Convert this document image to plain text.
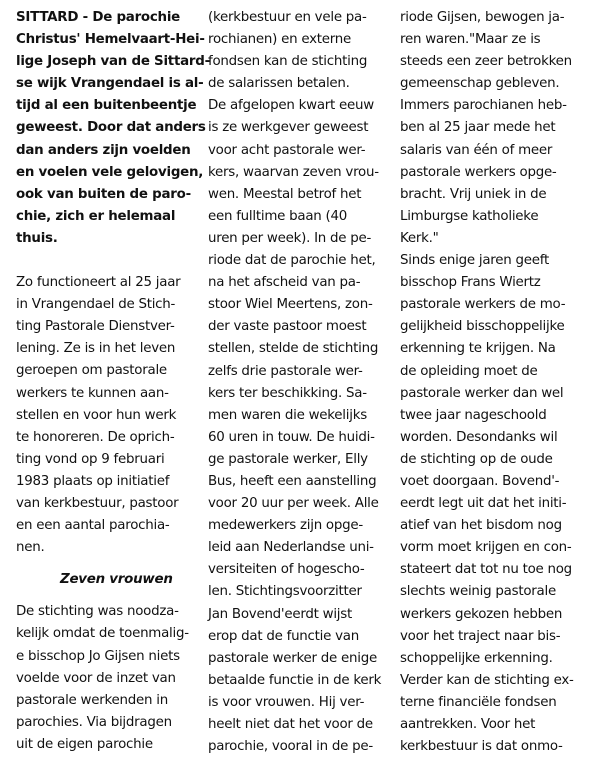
SITTARD - De parochie
Christus' Hemelvaart-Hei-
lige Joseph van de Sittard-
se wijk Vrangendael is al-
tijd al een buitenbeentje
geweest. Door dat anders
dan anders zijn voelden
en voelen vele gelovigen,
ook van buiten de paro-
chie, zich er helemaal
thuis.
Zo functioneert al 25 jaar
in Vrangendael de Stich-
ting Pastorale Dienstver-
lening. Ze is in het leven
geroepen om pastorale
werkers te kunnen aan-
stellen en voor hun werk
te honoreren. De oprich-
ting vond op 9 februari
1983 plaats op initiatief
van kerkbestuur, pastoor
en een aantal parochia-
nen.
Zeven vrouwen
De stichting was noodza-
kelijk omdat de toenmalig-
e bisschop Jo Gijsen niets
voelde voor de inzet van
pastorale werkenden in
parochies. Via bijdragen
uit de eigen parochie
(kerkbestuur en vele pa-
rochianen) en externe
fondsen kan de stichting
de salarissen betalen.
De afgelopen kwart eeuw
is ze werkgever geweest
voor acht pastorale wer-
kers, waarvan zeven vrou-
wen. Meestal betrof het
een fulltime baan (40
uren per week). In de pe-
riode dat de parochie het,
na het afscheid van pa-
stoor Wiel Meertens, zon-
der vaste pastoor moest
stellen, stelde de stichting
zelfs drie pastorale wer-
kers ter beschikking. Sa-
men waren die wekelijks
60 uren in touw. De huidi-
ge pastorale werker, Elly
Bus, heeft een aanstelling
voor 20 uur per week. Alle
medewerkers zijn opge-
leid aan Nederlandse uni-
versiteiten of hogescho-
len. Stichtingsvoorzitter
Jan Bovend'eerdt wijst
erop dat de functie van
pastorale werker de enige
betaalde functie in de kerk
is voor vrouwen. Hij ver-
heelt niet dat het voor de
parochie, vooral in de pe-
riode Gijsen, bewogen ja-
ren waren."Maar ze is
steeds een zeer betrokken
gemeenschap gebleven.
Immers parochianen heb-
ben al 25 jaar mede het
salaris van één of meer
pastorale werkers opge-
bracht. Vrij uniek in de
Limburgse katholieke
Kerk."
Sinds enige jaren geeft
bisschop Frans Wiertz
pastorale werkers de mo-
gelijkheid bisschoppelijke
erkenning te krijgen. Na
de opleiding moet de
pastorale werker dan wel
twee jaar nageschoold
worden. Desondanks wil
de stichting op de oude
voet doorgaan. Bovend'-
eerdt legt uit dat het initi-
atief van het bisdom nog
vorm moet krijgen en con-
stateert dat tot nu toe nog
slechts weinig pastorale
werkers gekozen hebben
voor het traject naar bis-
schoppelijke erkenning.
Verder kan de stichting ex-
terne financiële fondsen
aantrekken. Voor het
kerkbestuur is dat onmo-
